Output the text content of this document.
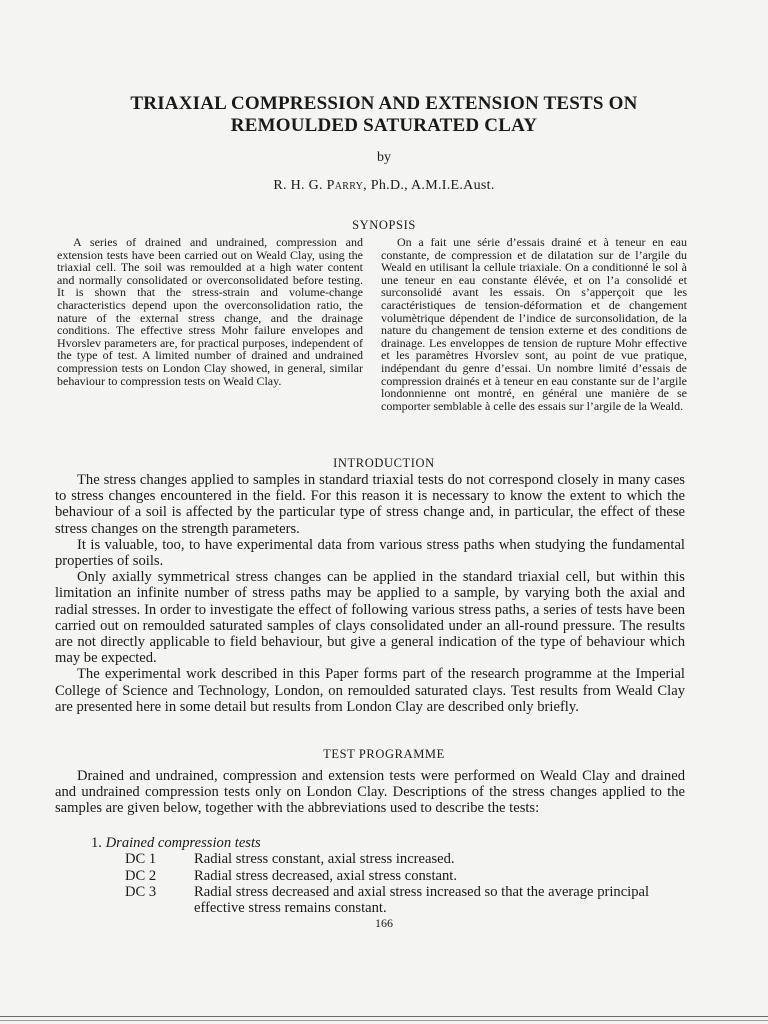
TRIAXIAL COMPRESSION AND EXTENSION TESTS ON
REMOULDED SATURATED CLAY
by
R. H. G. Parry, Ph.D., A.M.I.E.Aust.
SYNOPSIS

A series of drained and undrained, compression and extension tests have been carried out on Weald Clay, using the triaxial cell. The soil was remoulded at a high water content and normally consolidated or overconsolidated before testing. It is shown that the stress-strain and volume-change characteristics depend upon the overconsolidation ratio, the nature of the external stress change, and the drainage conditions. The effective stress Mohr failure envelopes and Hvorslev parameters are, for practical purposes, independent of the type of test. A limited number of drained and undrained compression tests on London Clay showed, in general, similar behaviour to compression tests on Weald Clay.

On a fait une série d’essais drainé et à teneur en eau constante, de compression et de dilatation sur de l’argile du Weald en utilisant la cellule triaxiale. On a conditionné le sol à une teneur en eau constante élévée, et on l’a consolidé et surconsolidé avant les essais. On s’apperçoit que les caractéristiques de tension-déformation et de changement volumètrique dépendent de l’indice de surconsolidation, de la nature du changement de tension externe et des conditions de drainage. Les enveloppes de tension de rupture Mohr effective et les paramètres Hvorslev sont, au point de vue pratique, indépendant du genre d’essai. Un nombre limité d’essais de compression drainés et à teneur en eau constante sur de l’argile londonnienne ont montré, en général une manière de se comporter semblable à celle des essais sur l’argile de la Weald.

INTRODUCTION

The stress changes applied to samples in standard triaxial tests do not correspond closely in many cases to stress changes encountered in the field. For this reason it is necessary to know the extent to which the behaviour of a soil is affected by the particular type of stress change and, in particular, the effect of these stress changes on the strength parameters.

It is valuable, too, to have experimental data from various stress paths when studying the fundamental properties of soils.

Only axially symmetrical stress changes can be applied in the standard triaxial cell, but within this limitation an infinite number of stress paths may be applied to a sample, by varying both the axial and radial stresses. In order to investigate the effect of following various stress paths, a series of tests have been carried out on remoulded saturated samples of clays consolidated under an all-round pressure. The results are not directly applicable to field behaviour, but give a general indication of the type of behaviour which may be expected.

The experimental work described in this Paper forms part of the research programme at the Imperial College of Science and Technology, London, on remoulded saturated clays. Test results from Weald Clay are presented here in some detail but results from London Clay are described only briefly.

TEST PROGRAMME

Drained and undrained, compression and extension tests were performed on Weald Clay and drained and undrained compression tests only on London Clay. Descriptions of the stress changes applied to the samples are given below, together with the abbreviations used to describe the tests:

1. Drained compression tests
DC 1	Radial stress constant, axial stress increased.
DC 2	Radial stress decreased, axial stress constant.
DC 3	Radial stress decreased and axial stress increased so that the average principal effective stress remains constant.
166
